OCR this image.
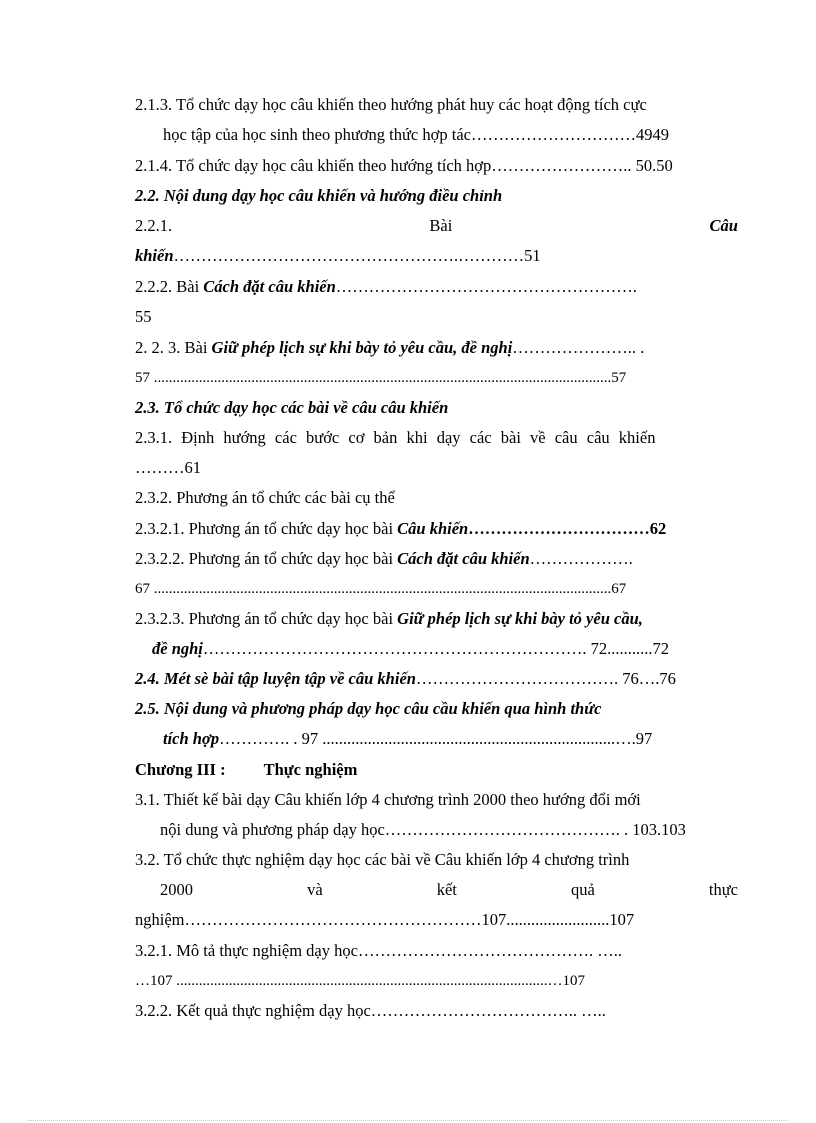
2.1.3. Tổ chức dạy học câu khiến theo hướng phát huy các hoạt động tích cực
học tập của học sinh theo phương thức hợp tác…………………………4949
2.1.4. Tổ chức dạy học câu khiến theo hướng tích hợp…………………….. 50.50
2.2. Nội dung dạy học câu khiến và hướng điều chỉnh
2.2.1.	Bài	Câu
khiến…………………………………………….…………51
2.2.2. Bài Cách đặt câu khiến……………………………………………….
55
2. 2. 3. Bài Giữ phép lịch sự khi bày tỏ yêu cầu, đề nghị………………….. .
57 ..........................................................................................................................57
2.3. Tổ chức dạy học các bài về câu câu khiến
2.3.1. Định hướng các bước cơ bản khi dạy các bài về câu câu khiến
………61
2.3.2. Phương án tổ chức các bài cụ thể
2.3.2.1. Phương án tổ chức dạy học bài Câu khiến……………………………62
2.3.2.2. Phương án tổ chức dạy học bài Cách đặt câu khiến……………….
67 ..........................................................................................................................67
2.3.2.3. Phương án tổ chức dạy học bài Giữ phép lịch sự khi bày tỏ yêu cầu,
đề nghị……………………………………………………………. 72...........72
2.4. Mét sè bài tập luyện tập về câu khiến………………………………. 76….76
2.5. Nội dung và phương pháp dạy học câu cầu khiến qua hình thức
tích hợp…………. . 97 .......................................................................….97
Chương III : Thực nghiệm
3.1. Thiết kế bài dạy Câu khiến lớp 4 chương trình 2000 theo hướng đổi mới
nội dung và phương pháp dạy học……………………………………. . 103.103
3.2. Tổ chức thực nghiệm dạy học các bài về Câu khiến lớp 4 chương trình
2000	và	kết	quả	thực
nghiệm………………………………………………107.........................107
3.2.1. Mô tả thực nghiệm dạy học……………………………………. …..
…107 ...................................................................................................…107
3.2.2. Kết quả thực nghiệm dạy học……………………………….. …..
